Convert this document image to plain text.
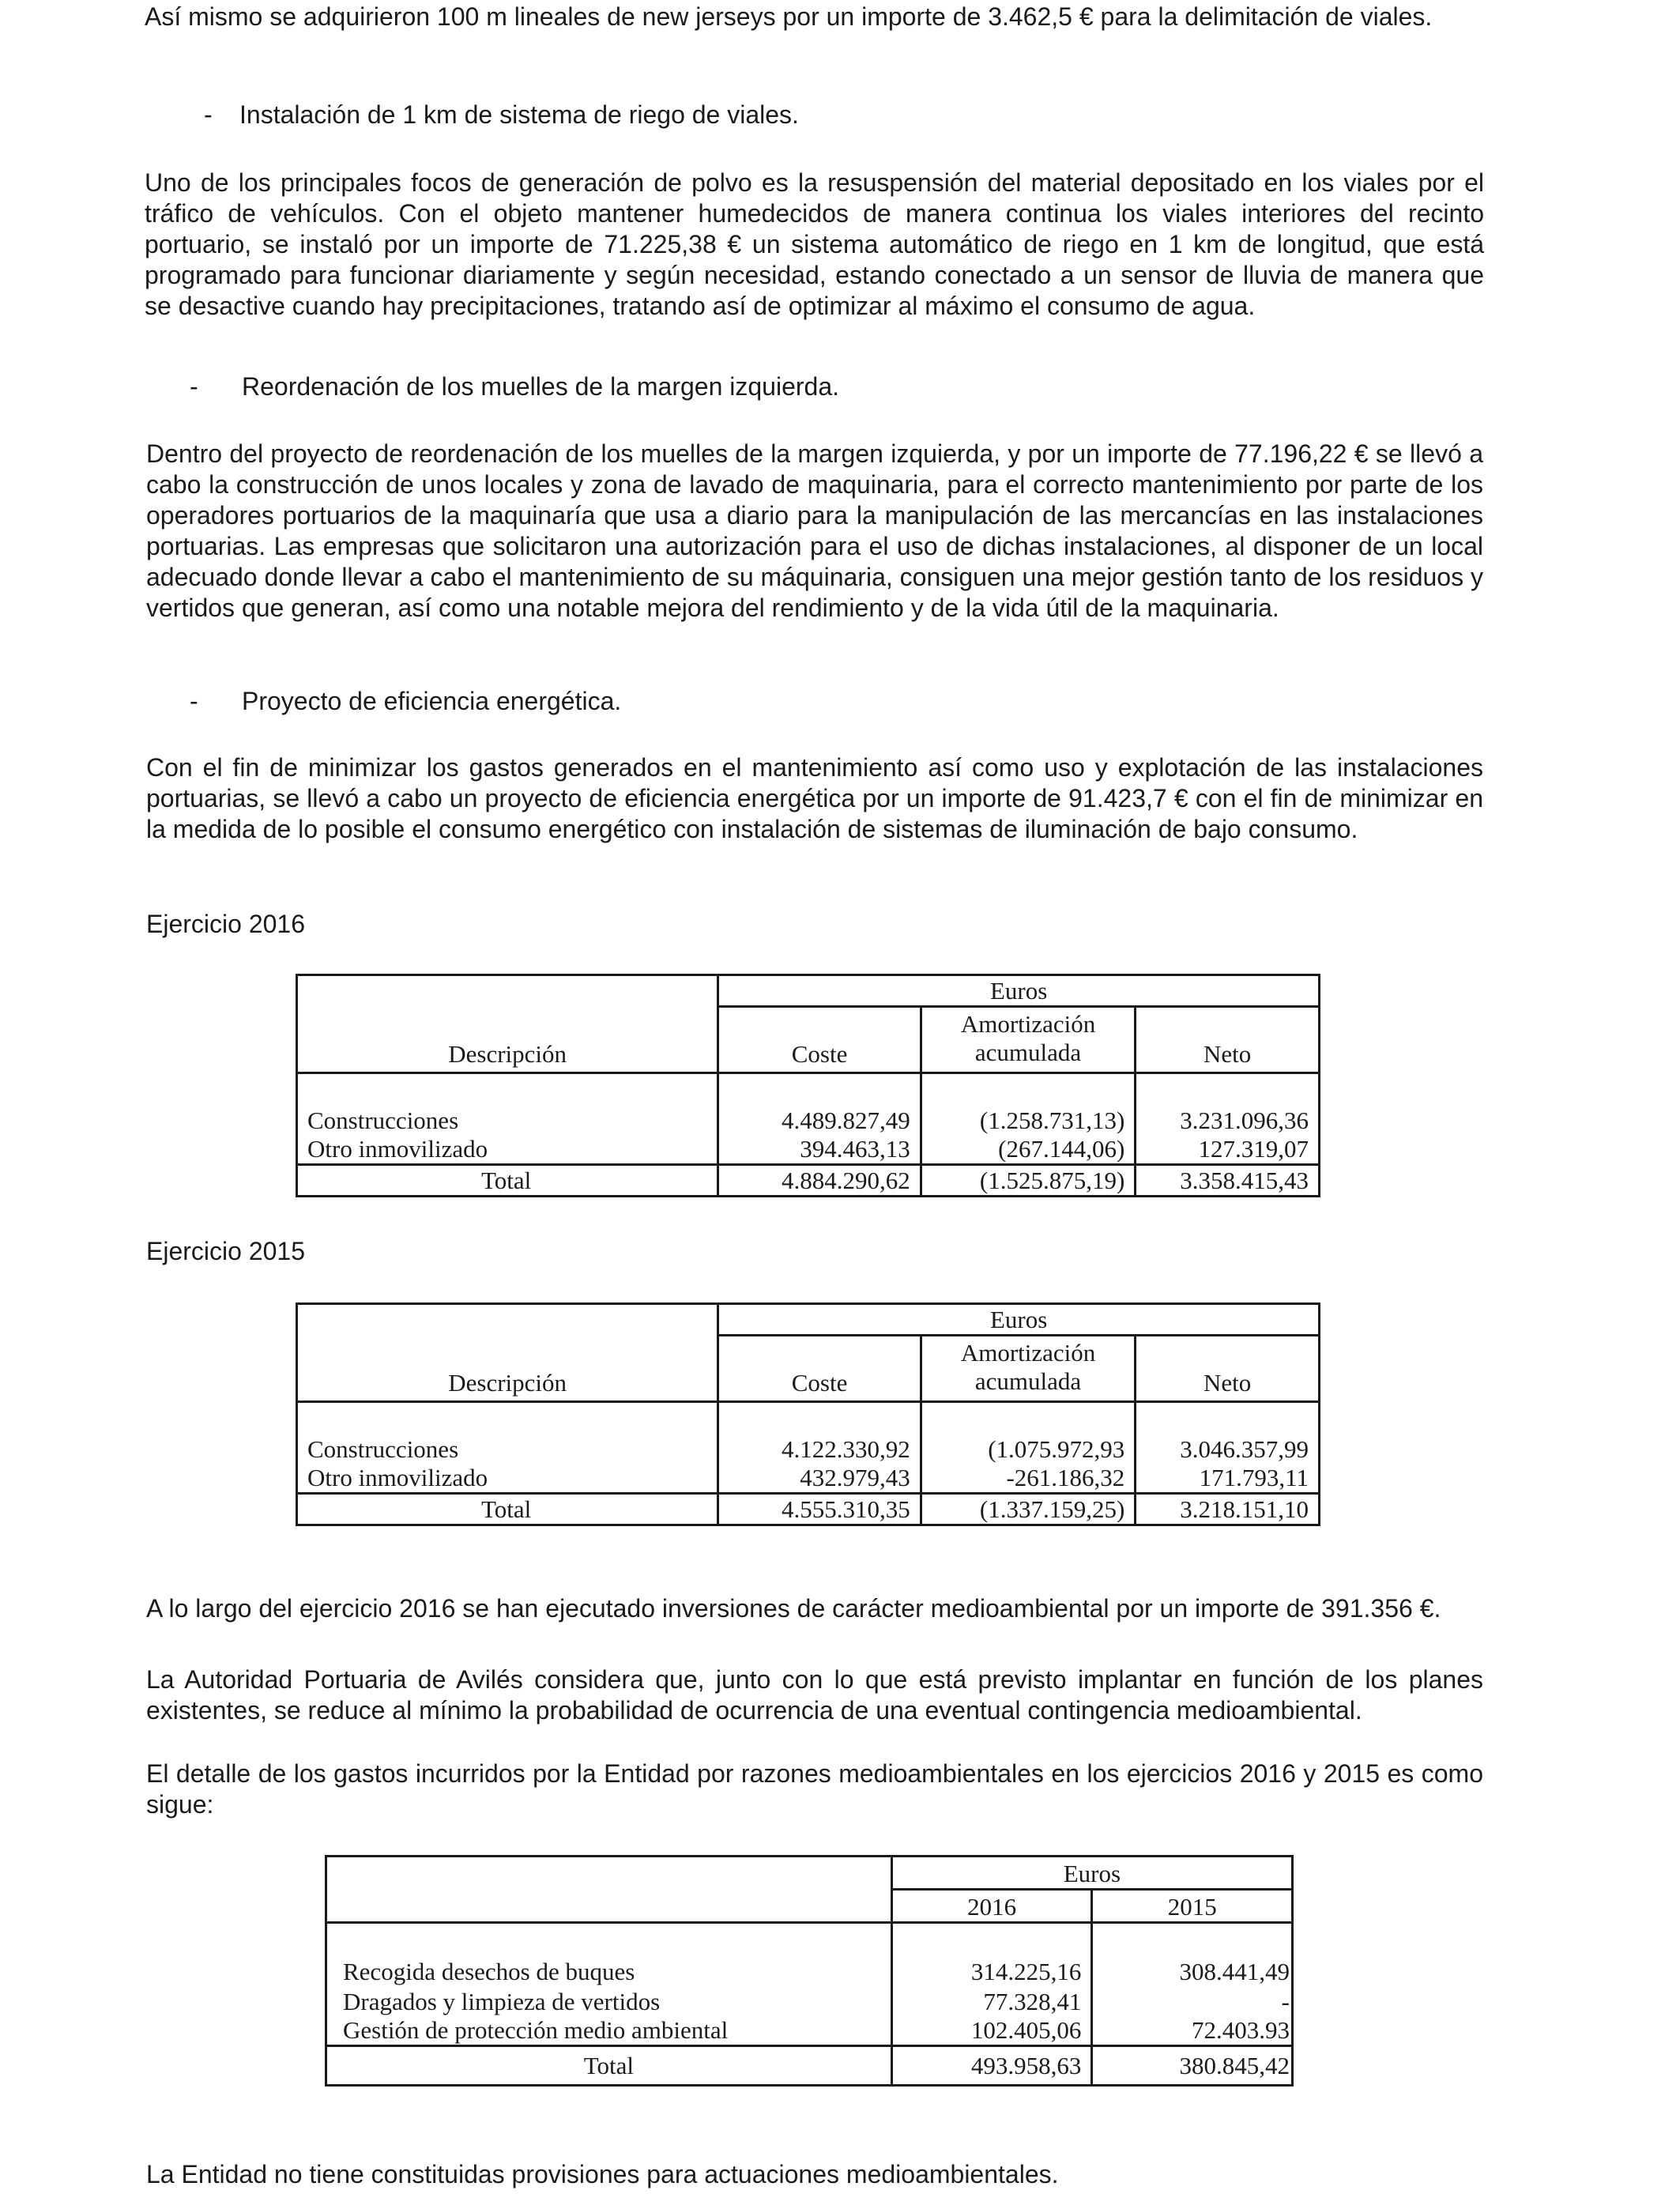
Así mismo se adquirieron 100 m lineales de new jerseys por un importe de 3.462,5 € para la delimitación de viales.

- Instalación de 1 km de sistema de riego de viales.

Uno de los principales focos de generación de polvo es la resuspensión del material depositado en los viales por el tráfico de vehículos. Con el objeto mantener humedecidos de manera continua los viales interiores del recinto portuario, se instaló por un importe de 71.225,38 € un sistema automático de riego en 1 km de longitud, que está programado para funcionar diariamente y según necesidad, estando conectado a un sensor de lluvia de manera que se desactive cuando hay precipitaciones, tratando así de optimizar al máximo el consumo de agua.

- Reordenación de los muelles de la margen izquierda.

Dentro del proyecto de reordenación de los muelles de la margen izquierda, y por un importe de 77.196,22 € se llevó a cabo la construcción de unos locales y zona de lavado de maquinaria, para el correcto mantenimiento por parte de los operadores portuarios de la maquinaría que usa a diario para la manipulación de las mercancías en las instalaciones portuarias. Las empresas que solicitaron una autorización para el uso de dichas instalaciones, al disponer de un local adecuado donde llevar a cabo el mantenimiento de su máquinaria, consiguen una mejor gestión tanto de los residuos y vertidos que generan, así como una notable mejora del rendimiento y de la vida útil de la maquinaria.

- Proyecto de eficiencia energética.

Con el fin de minimizar los gastos generados en el mantenimiento así como uso y explotación de las instalaciones portuarias, se llevó a cabo un proyecto de eficiencia energética por un importe de 91.423,7 € con el fin de minimizar en la medida de lo posible el consumo energético con instalación de sistemas de iluminación de bajo consumo.

Ejercicio 2016
	Euros		
Descripción	Coste	Amortización	Neto
		acumulada	

Construcciones	4.489.827,49	(1.258.731,13)	3.231.096,36
Otro inmovilizado	394.463,13	(267.144,06)	127.319,07
Total	4.884.290,62	(1.525.875,19)	3.358.415,43
Ejercicio 2015
	Euros		
Descripción	Coste	Amortización	Neto
		acumulada	

Construcciones	4.122.330,92	(1.075.972,93	3.046.357,99
Otro inmovilizado	432.979,43	-261.186,32	171.793,11
Total	4.555.310,35	(1.337.159,25)	3.218.151,10

A lo largo del ejercicio 2016 se han ejecutado inversiones de carácter medioambiental por un importe de 391.356 €.

La Autoridad Portuaria de Avilés considera que, junto con lo que está previsto implantar en función de los planes existentes, se reduce al mínimo la probabilidad de ocurrencia de una eventual contingencia medioambiental.

El detalle de los gastos incurridos por la Entidad por razones medioambientales en los ejercicios 2016 y 2015 es como sigue:

	Euros	
	2016	2015

Recogida desechos de buques	314.225,16	308.441,49
Dragados y limpieza de vertidos	77.328,41	-
Gestión de protección medio ambiental	102.405,06	72.403.93
Total	493.958,63	380.845,42

La Entidad no tiene constituidas provisiones para actuaciones medioambientales.
